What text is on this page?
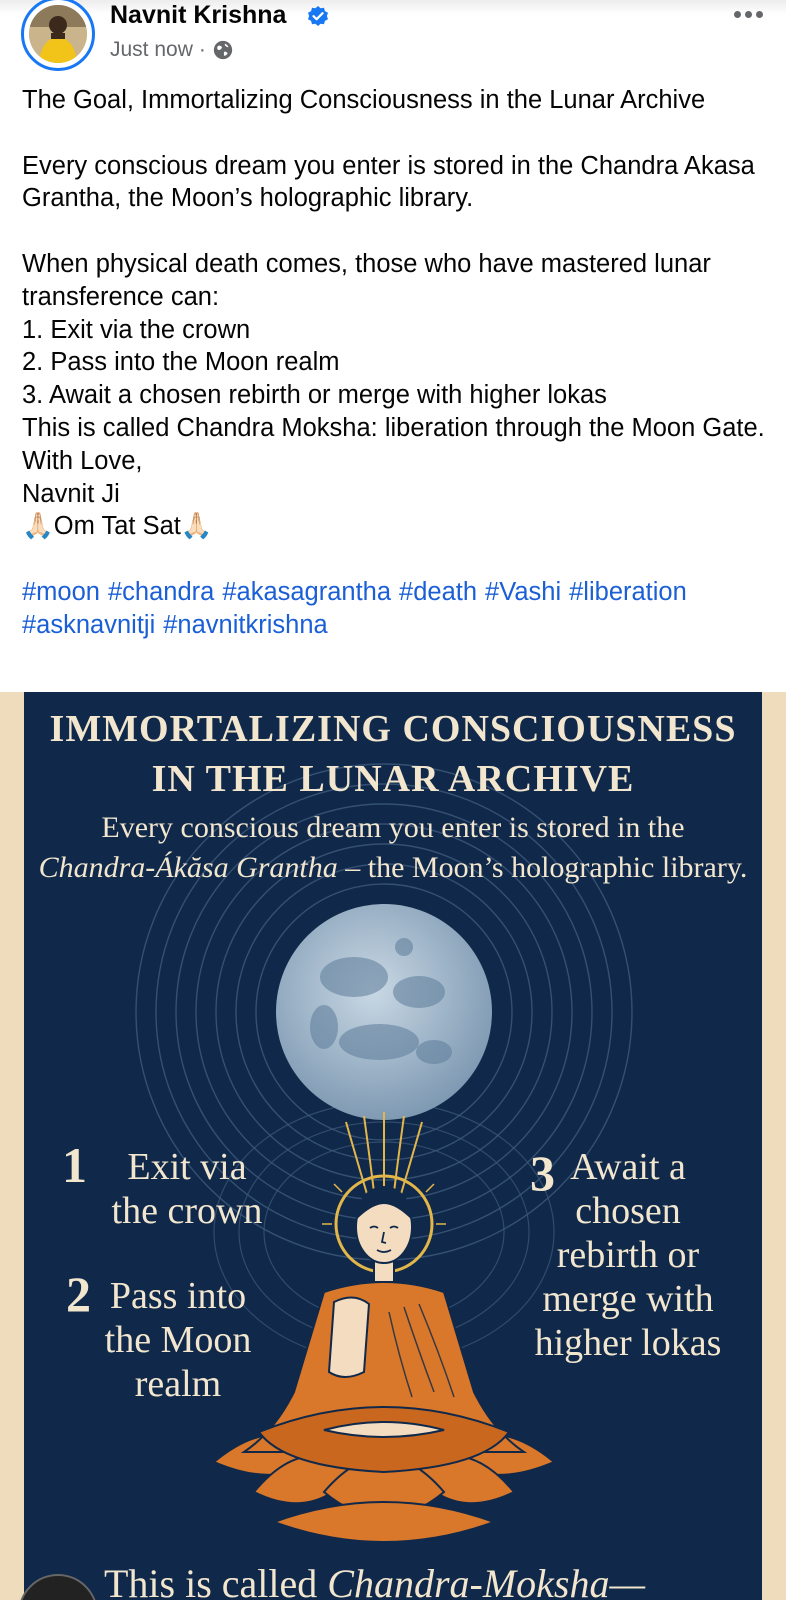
Navnit Krishna
Just now ·

The Goal, Immortalizing Consciousness in the Lunar Archive

Every conscious dream you enter is stored in the Chandra Akasa Grantha, the Moon’s holographic library.

When physical death comes, those who have mastered lunar transference can:

1. Exit via the crown

2. Pass into the Moon realm

3. Await a chosen rebirth or merge with higher lokas

This is called Chandra Moksha: liberation through the Moon Gate.

With Love,

Navnit Ji

🙏🏻Om Tat Sat🙏🏻

#moon #chandra #akasagrantha #death #Vashi #liberation
#asknavnitji #navnitkrishna

IMMORTALIZING CONSCIOUSNESS
IN THE LUNAR ARCHIVE
Every conscious dream you enter is stored in the
Chandra-Ákăsa Grantha – the Moon’s holographic library.
1	Exit via
the crown
2 Pass into
the Moon
realm
3 Await a
chosen
rebirth or
merge with
higher lokas
This is called Chandra-Moksha—
